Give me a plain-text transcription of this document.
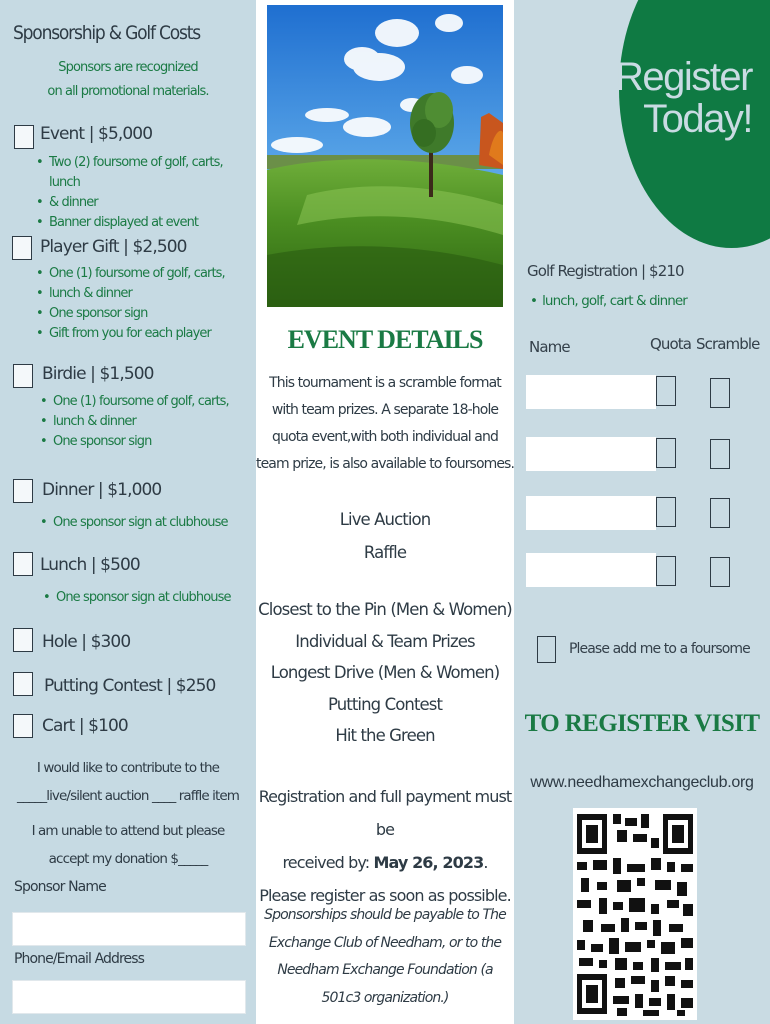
Sponsorship & Golf Costs
Sponsors are recognized
on all promotional materials.
Event | $5,000
• Two (2) foursome of golf, carts, lunch
• & dinner
• Banner displayed at event
Player Gift | $2,500
• One (1) foursome of golf, carts,
• lunch & dinner
• One sponsor sign
• Gift from you for each player
Birdie | $1,500
• One (1) foursome of golf, carts,
• lunch & dinner
• One sponsor sign
Dinner | $1,000
• One sponsor sign at clubhouse
Lunch | $500
• One sponsor sign at clubhouse
Hole | $300
Putting Contest | $250
Cart | $100
I would like to contribute to the
_____live/silent auction ____ raffle item
I am unable to attend but please
accept my donation $_____
Sponsor Name
Phone/Email Address
EVENT DETAILS
This tournament is a scramble format
with team prizes. A separate 18-hole
quota event,with both individual and
team prize, is also available to foursomes.
Live Auction
Raffle
Closest to the Pin (Men & Women)
Individual & Team Prizes
Longest Drive (Men & Women)
Putting Contest
Hit the Green
Registration and full payment must be
received by: May 26, 2023.
Please register as soon as possible.
Sponsorships should be payable to The
Exchange Club of Needham, or to the
Needham Exchange Foundation (a
501c3 organization.)
Register
Today!
Golf Registration | $210
• lunch, golf, cart & dinner
Name	Quota Scramble
Please add me to a foursome
TO REGISTER VISIT
www.needhamexchangeclub.org
